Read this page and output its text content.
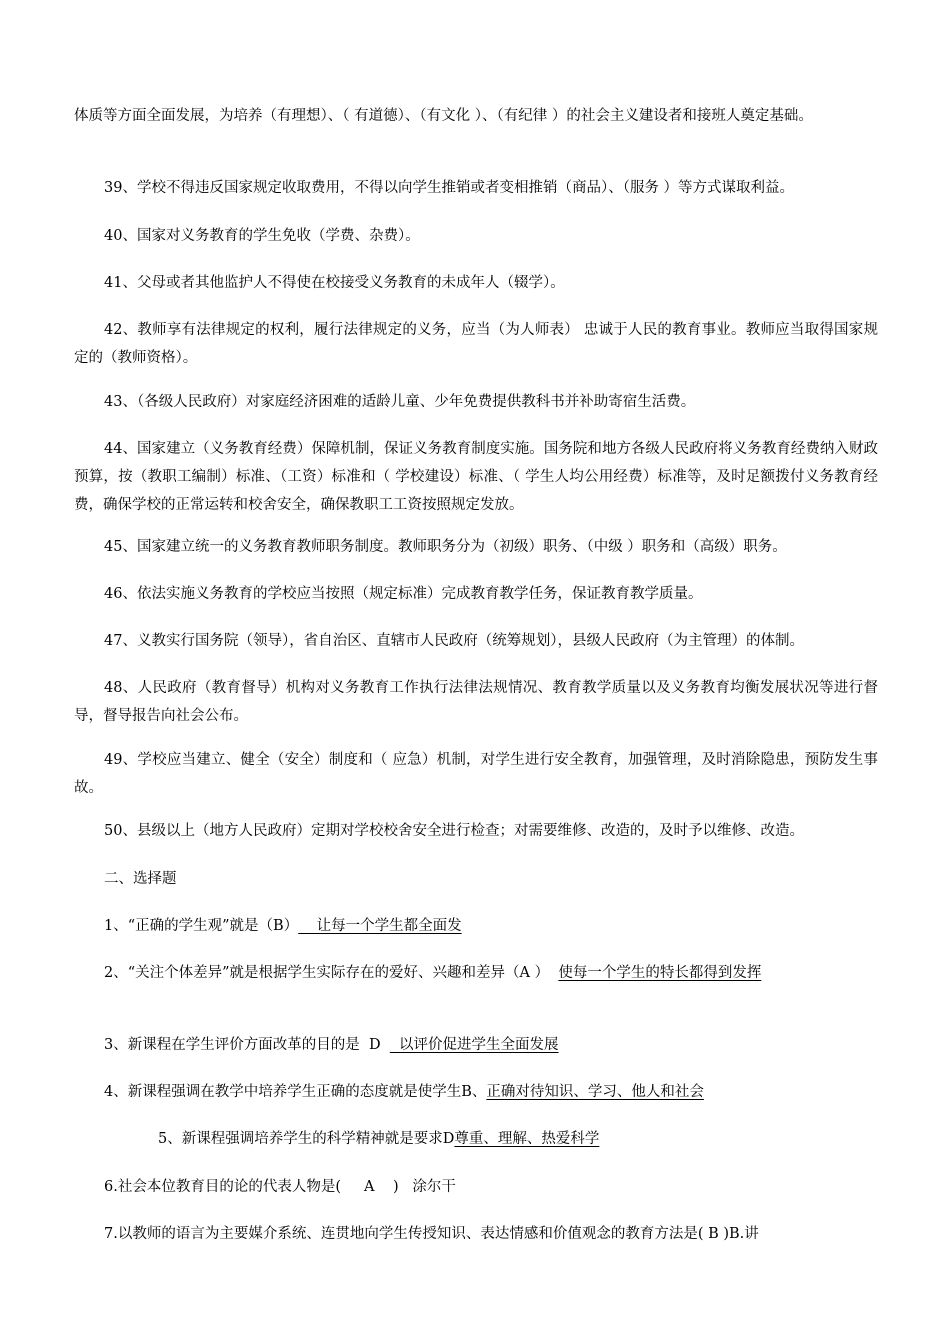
体质等方面全面发展，为培养（有理想）、（ 有道德）、（有文化 ）、（有纪律 ）的社会主义建设者和接班人奠定基础。

39、学校不得违反国家规定收取费用，不得以向学生推销或者变相推销（商品）、（服务 ）等方式谋取利益。

40、国家对义务教育的学生免收（学费、杂费）。

41、父母或者其他监护人不得使在校接受义务教育的未成年人（辍学）。

42、教师享有法律规定的权利，履行法律规定的义务，应当（为人师表） 忠诚于人民的教育事业。教师应当取得国家规定的（教师资格）。

43、（各级人民政府）对家庭经济困难的适龄儿童、少年免费提供教科书并补助寄宿生活费。

44、国家建立（义务教育经费）保障机制，保证义务教育制度实施。国务院和地方各级人民政府将义务教育经费纳入财政预算，按（教职工编制）标准、（工资）标准和（ 学校建设）标准、（ 学生人均公用经费）标准等，及时足额拨付义务教育经费，确保学校的正常运转和校舍安全，确保教职工工资按照规定发放。

45、国家建立统一的义务教育教师职务制度。教师职务分为（初级）职务、（中级 ）职务和（高级）职务。

46、依法实施义务教育的学校应当按照（规定标准）完成教育教学任务，保证教育教学质量。

47、义教实行国务院（领导），省自治区、直辖市人民政府（统筹规划），县级人民政府（为主管理）的体制。

48、人民政府（教育督导）机构对义务教育工作执行法律法规情况、教育教学质量以及义务教育均衡发展状况等进行督导，督导报告向社会公布。

49、学校应当建立、健全（安全）制度和（ 应急）机制，对学生进行安全教育，加强管理，及时消除隐患，预防发生事故。

50、县级以上（地方人民政府）定期对学校校舍安全进行检查；对需要维修、改造的，及时予以维修、改造。

二、选择题

1、“正确的学生观”就是（B）    让每一个学生都全面发

2、“关注个体差异”就是根据学生实际存在的爱好、兴趣和差异（A ）  使每一个学生的特长都得到发挥

3、新课程在学生评价方面改革的目的是  D    以评价促进学生全面发展

4、新课程强调在教学中培养学生正确的态度就是使学生B、正确对待知识、学习、他人和社会

5、新课程强调培养学生的科学精神就是要求D尊重、理解、热爱科学

6.社会本位教育目的论的代表人物是(     A    )   涂尔干

7.以教师的语言为主要媒介系统、连贯地向学生传授知识、表达情感和价值观念的教育方法是( B )B.讲
